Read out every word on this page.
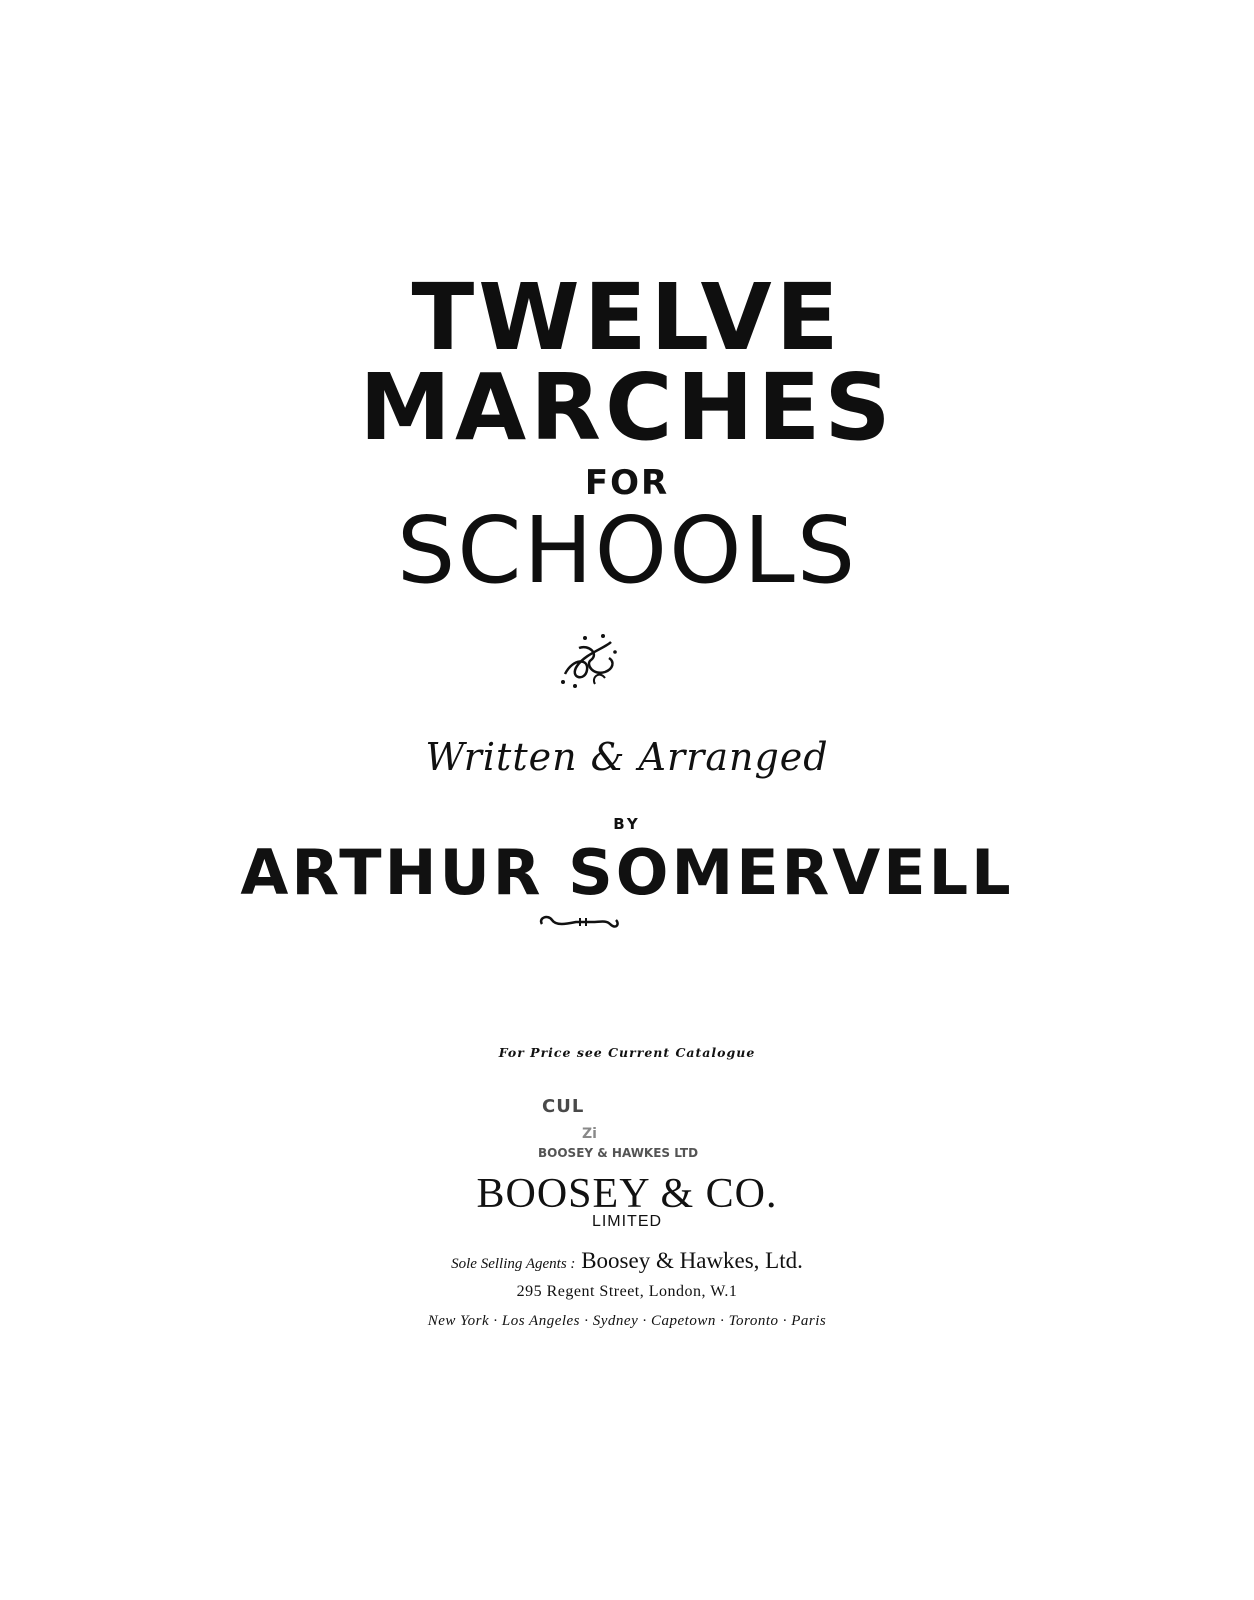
TWELVE
MARCHES
FOR
SCHOOLS
Written & Arranged
BY
ARTHUR SOMERVELL
For Price see Current Catalogue
CUL
Zi
BOOSEY & HAWKES LTD
BOOSEY & CO.
LIMITED
Sole Selling Agents : Boosey & Hawkes, Ltd.
295 Regent Street, London, W.1
New York · Los Angeles · Sydney · Capetown · Toronto · Paris
